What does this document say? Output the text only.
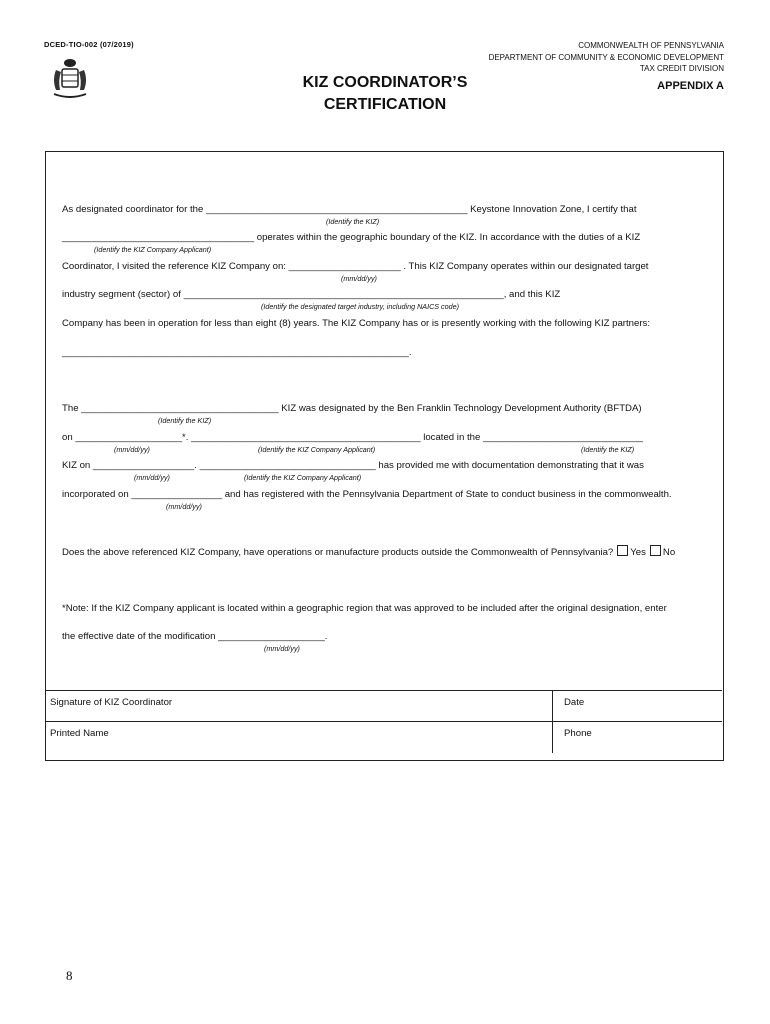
DCED-TIO-002 (07/2019)	COMMONWEALTH OF PENNSYLVANIA
DEPARTMENT OF COMMUNITY & ECONOMIC DEVELOPMENT
TAX CREDIT DIVISION
KIZ COORDINATOR’S
CERTIFICATION
APPENDIX A
As designated coordinator for the _________________________________________________ Keystone Innovation Zone, I certify that
(Identify the KIZ)
____________________________________ operates within the geographic boundary of the KIZ. In accordance with the duties of a KIZ
(Identify the KIZ Company Applicant)
Coordinator, I visited the reference KIZ Company on: _____________________ . This KIZ Company operates within our designated target
(mm/dd/yy)
industry segment (sector) of ____________________________________________________________, and this KIZ
(Identify the designated target industry, including NAICS code)
Company has been in operation for less than eight (8) years. The KIZ Company has or is presently working with the following KIZ partners:
_________________________________________________________________.
The _____________________________________ KIZ was designated by the Ben Franklin Technology Development Authority (BFTDA)
(Identify the KIZ)
on ____________________*. ___________________________________________ located in the ______________________________
(mm/dd/yy)	(Identify the KIZ Company Applicant)	(Identify the KIZ)
KIZ on ___________________. _________________________________ has provided me with documentation demonstrating that it was
(mm/dd/yy)	(Identify the KIZ Company Applicant)
incorporated on _________________ and has registered with the Pennsylvania Department of State to conduct business in the commonwealth.
(mm/dd/yy)
Does the above referenced KIZ Company, have operations or manufacture products outside the Commonwealth of Pennsylvania? Yes No
*Note: If the KIZ Company applicant is located within a geographic region that was approved to be included after the original designation, enter
the effective date of the modification ____________________.
(mm/dd/yy)
Signature of KIZ Coordinator	Date
Printed Name	Phone
8
